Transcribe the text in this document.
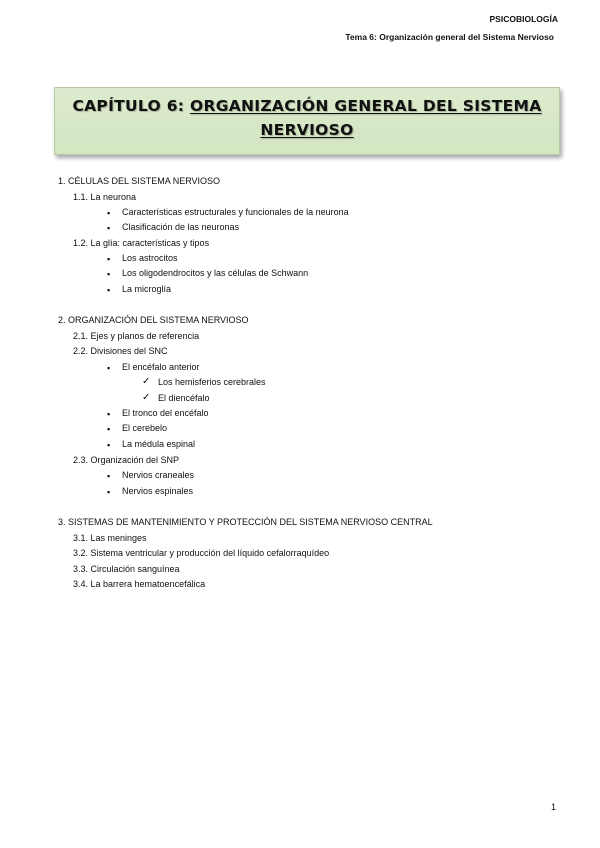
PSICOBIOLOGÍA
Tema 6: Organización general del Sistema Nervioso
CAPÍTULO 6: ORGANIZACIÓN GENERAL DEL SISTEMA
NERVIOSO
1. CÉLULAS DEL SISTEMA NERVIOSO
1.1. La neurona
▪ Características estructurales y funcionales de la neurona
▪ Clasificación de las neuronas
1.2. La glía: características y tipos
▪ Los astrocitos
▪ Los oligodendrocitos y las células de Schwann
▪ La microglía
2. ORGANIZACIÓN DEL SISTEMA NERVIOSO
2.1. Ejes y planos de referencia
2.2. Divisiones del SNC
▪ El encéfalo anterior
✓ Los hemisferios cerebrales
✓ El diencéfalo
▪ El tronco del encéfalo
▪ El cerebelo
▪ La médula espinal
2.3. Organización del SNP
▪ Nervios craneales
▪ Nervios espinales
3. SISTEMAS DE MANTENIMIENTO Y PROTECCIÓN DEL SISTEMA NERVIOSO CENTRAL
3.1. Las meninges
3.2. Sistema ventricular y producción del líquido cefalorraquídeo
3.3. Circulación sanguínea
3.4. La barrera hematoencefálica
1
